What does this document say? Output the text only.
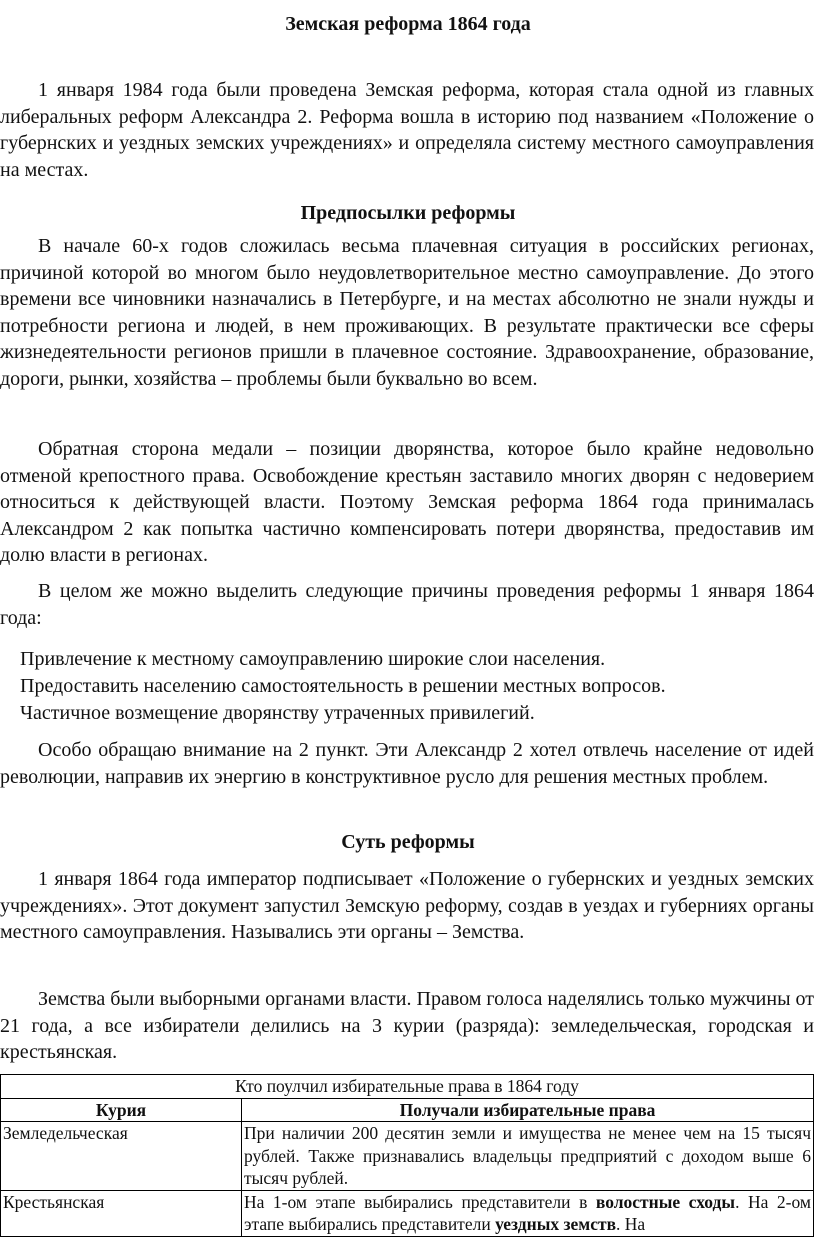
Земская реформа 1864 года

1 января 1984 года были проведена Земская реформа, которая стала одной из главных либеральных реформ Александра 2. Реформа вошла в историю под названием «Положение о губернских и уездных земских учреждениях» и определяла систему местного самоуправления на местах.

Предпосылки реформы

В начале 60-х годов сложилась весьма плачевная ситуация в российских регионах, причиной которой во многом было неудовлетворительное местно самоуправление. До этого времени все чиновники назначались в Петербурге, и на местах абсолютно не знали нужды и потребности региона и людей, в нем проживающих. В результате практически все сферы жизнедеятельности регионов пришли в плачевное состояние. Здравоохранение, образование, дороги, рынки, хозяйства – проблемы были буквально во всем.

Обратная сторона медали – позиции дворянства, которое было крайне недовольно отменой крепостного права. Освобождение крестьян заставило многих дворян с недоверием относиться к действующей власти. Поэтому Земская реформа 1864 года принималась Александром 2 как попытка частично компенсировать потери дворянства, предоставив им долю власти в регионах.

В целом же можно выделить следующие причины проведения реформы 1 января 1864 года:

Привлечение к местному самоуправлению широкие слои населения.
Предоставить населению самостоятельность в решении местных вопросов.
Частичное возмещение дворянству утраченных привилегий.

Особо обращаю внимание на 2 пункт. Эти Александр 2 хотел отвлечь население от идей революции, направив их энергию в конструктивное русло для решения местных проблем.

Суть реформы

1 января 1864 года император подписывает «Положение о губернских и уездных земских учреждениях». Этот документ запустил Земскую реформу, создав в уездах и губерниях органы местного самоуправления. Назывались эти органы – Земства.

Земства были выборными органами власти. Правом голоса наделялись только мужчины от 21 года, а все избиратели делились на 3 курии (разряда): земледельческая, городская и крестьянская.

Кто поулчил избирательные права в 1864 году	
Курия	Получали избирательные права
Земледельческая	При наличии 200 десятин земли и имущества не менее чем на 15 тысяч рублей. Также признавались владельцы предприятий с доходом выше 6 тысяч рублей.
Крестьянская	На 1-ом этапе выбирались представители в волостные сходы. На 2-ом этапе выбирались представители уездных земств. На
